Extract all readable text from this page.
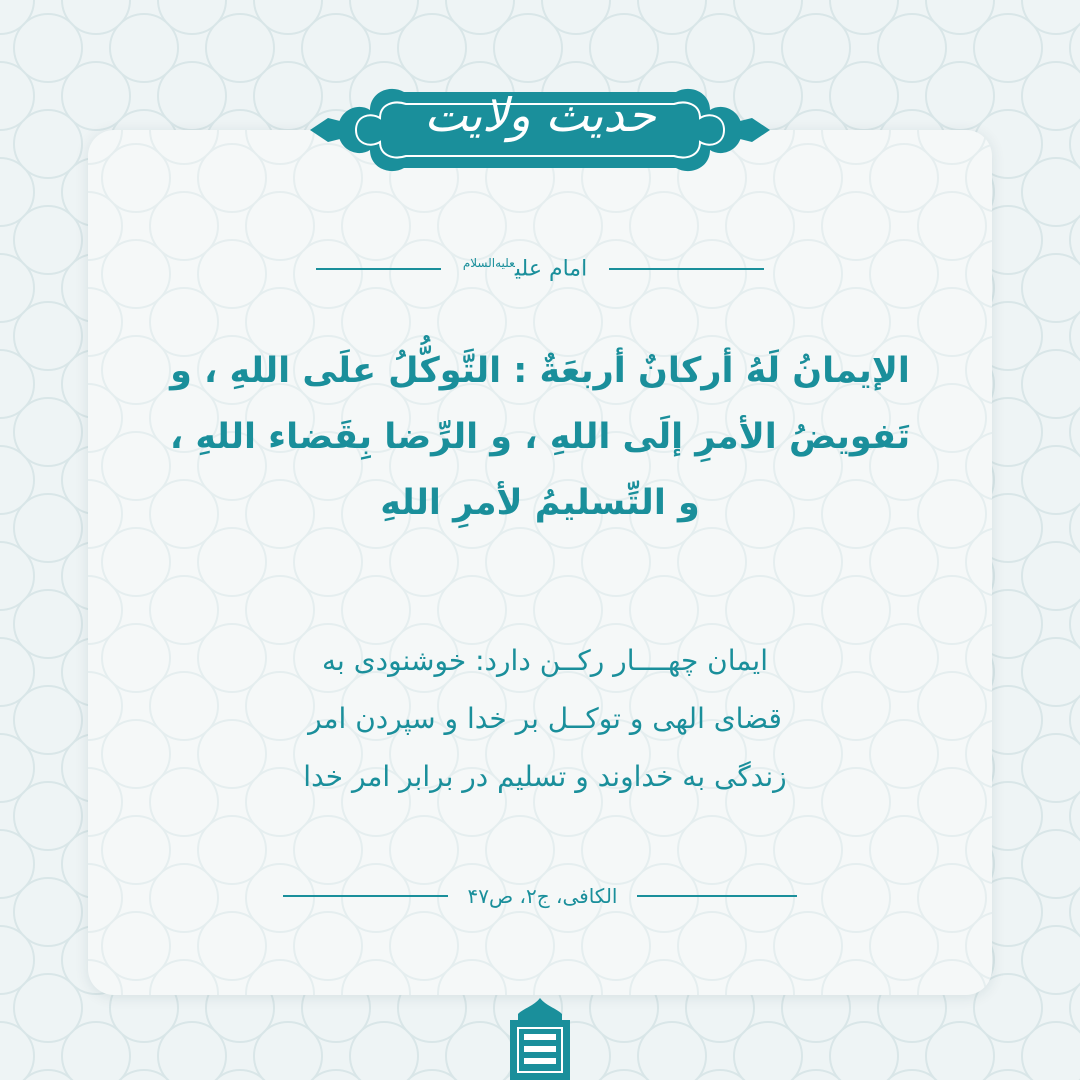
حدیث ولایت
امام علی$^{علیه‌السلام}$
الإيمانُ لَهُ أركانٌ أربعَةٌ : التَّوكُّلُ علَى اللهِ ، و
تَفويضُ الأمرِ إلَى اللهِ ، و الرِّضا بِقَضاء اللهِ ،
و التِّسليمُ لأمرِ اللهِ
ایمان چهــــار رکــن دارد: خوشنودی به
قضای الهی و توکــل بر خدا و سپردن امر
زندگی به خداوند و تسلیم در برابر امر خدا
الکافی، ج۲، ص۴۷
